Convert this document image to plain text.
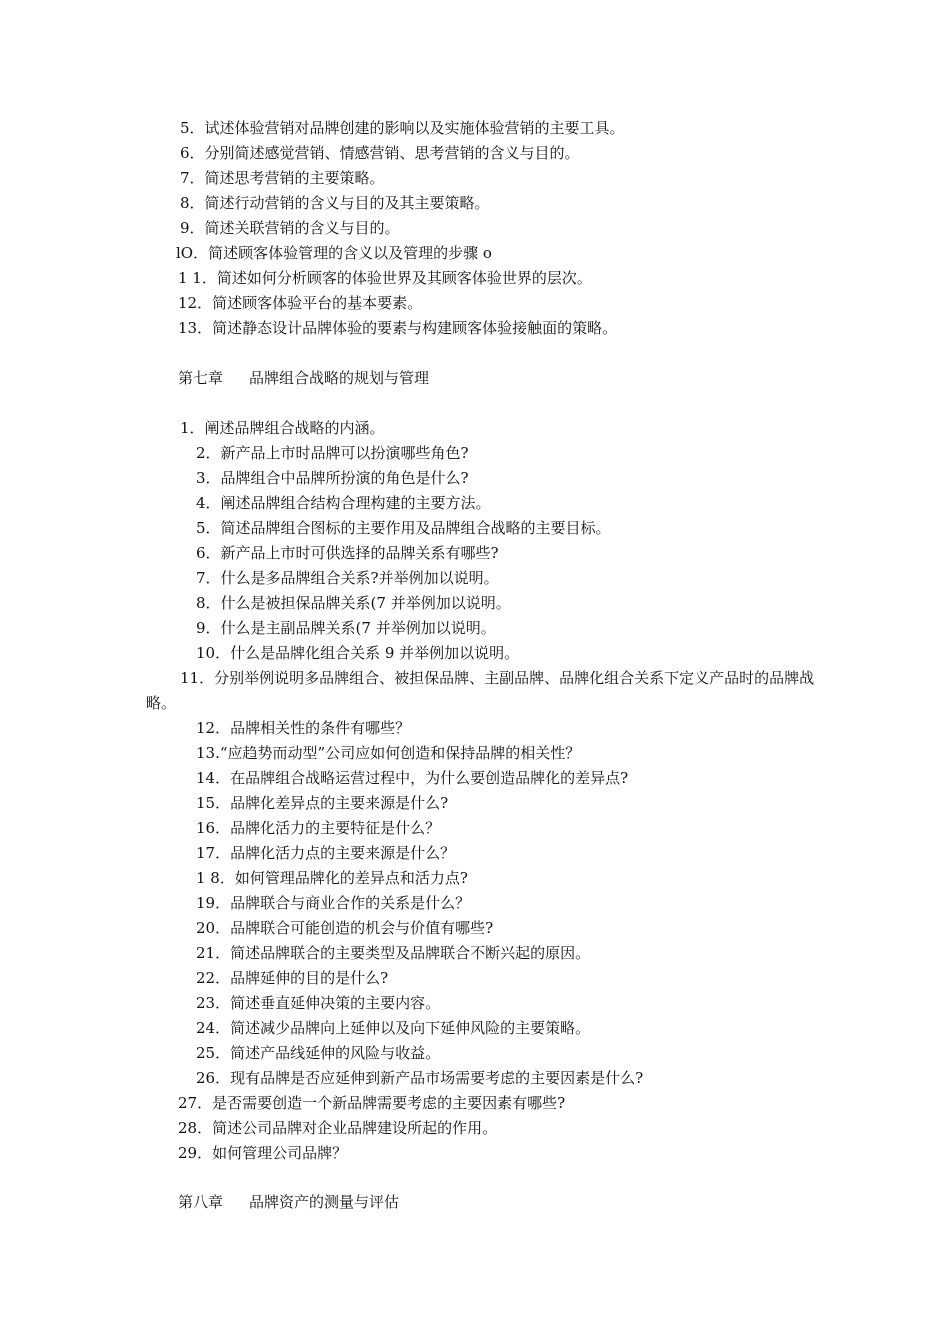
5．试述体验营销对品牌创建的影响以及实施体验营销的主要工具。
6．分别简述感觉营销、情感营销、思考营销的含义与目的。
7．简述思考营销的主要策略。
8．简述行动营销的含义与目的及其主要策略。
9．简述关联营销的含义与目的。
lO．简述顾客体验管理的含义以及管理的步骤 o
1 1．简述如何分析顾客的体验世界及其顾客体验世界的层次。
12．简述顾客体验平台的基本要素。
13．简述静态设计品牌体验的要素与构建顾客体验接触面的策略。
第七章 品牌组合战略的规划与管理
1．阐述品牌组合战略的内涵。
2．新产品上市时品牌可以扮演哪些角色?
3．品牌组合中品牌所扮演的角色是什么?
4．阐述品牌组合结构合理构建的主要方法。
5．简述品牌组合图标的主要作用及品牌组合战略的主要目标。
6．新产品上市时可供选择的品牌关系有哪些?
7．什么是多品牌组合关系?并举例加以说明。
8．什么是被担保品牌关系(7 并举例加以说明。
9．什么是主副品牌关系(7 并举例加以说明。
10．什么是品牌化组合关系 9 并举例加以说明。
11．分别举例说明多品牌组合、被担保品牌、主副品牌、品牌化组合关系下定义产品时的品牌战略。
12．品牌相关性的条件有哪些？
13.“应趋势而动型”公司应如何创造和保持品牌的相关性？
14．在品牌组合战略运营过程中，为什么要创造品牌化的差异点?
15．品牌化差异点的主要来源是什么?
16．品牌化活力的主要特征是什么？
17．品牌化活力点的主要来源是什么？
1 8．如何管理品牌化的差异点和活力点?
19．品牌联合与商业合作的关系是什么？
20．品牌联合可能创造的机会与价值有哪些?
21．简述品牌联合的主要类型及品牌联合不断兴起的原因。
22．品牌延伸的目的是什么?
23．简述垂直延伸决策的主要内容。
24．简述减少品牌向上延伸以及向下延伸风险的主要策略。
25．简述产品线延伸的风险与收益。
26．现有品牌是否应延伸到新产品市场需要考虑的主要因素是什么?
27．是否需要创造一个新品牌需要考虑的主要因素有哪些?
28．简述公司品牌对企业品牌建设所起的作用。
29．如何管理公司品牌？
第八章 品牌资产的测量与评估
